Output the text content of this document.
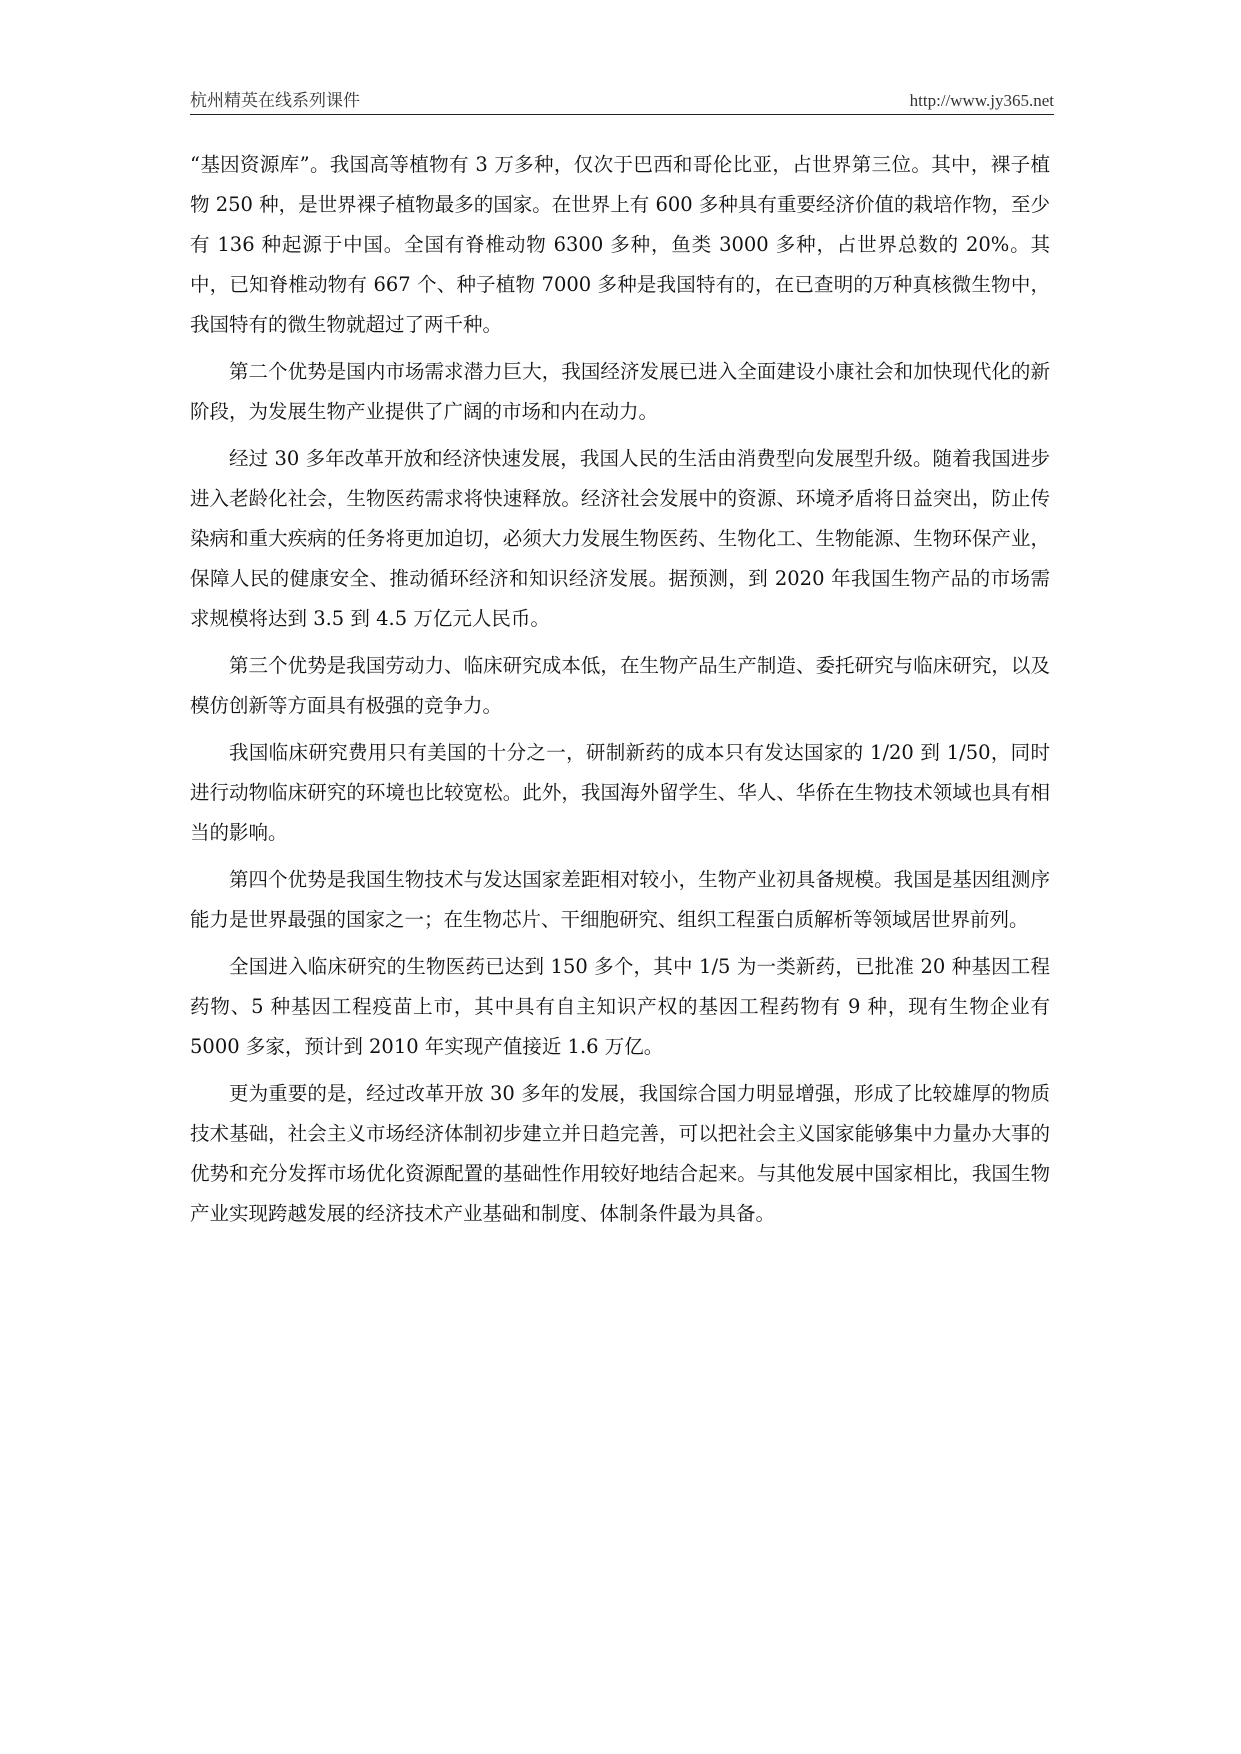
杭州精英在线系列课件	http://www.jy365.net

“基因资源库”。我国高等植物有 3 万多种，仅次于巴西和哥伦比亚，占世界第三位。其中，裸子植物 250 种，是世界裸子植物最多的国家。在世界上有 600 多种具有重要经济价值的栽培作物，至少有 136 种起源于中国。全国有脊椎动物 6300 多种，鱼类 3000 多种，占世界总数的 20%。其中，已知脊椎动物有 667 个、种子植物 7000 多种是我国特有的，在已查明的万种真核微生物中，我国特有的微生物就超过了两千种。

第二个优势是国内市场需求潜力巨大，我国经济发展已进入全面建设小康社会和加快现代化的新阶段，为发展生物产业提供了广阔的市场和内在动力。

经过 30 多年改革开放和经济快速发展，我国人民的生活由消费型向发展型升级。随着我国进步进入老龄化社会，生物医药需求将快速释放。经济社会发展中的资源、环境矛盾将日益突出，防止传染病和重大疾病的任务将更加迫切，必须大力发展生物医药、生物化工、生物能源、生物环保产业，保障人民的健康安全、推动循环经济和知识经济发展。据预测，到 2020 年我国生物产品的市场需求规模将达到 3.5 到 4.5 万亿元人民币。

第三个优势是我国劳动力、临床研究成本低，在生物产品生产制造、委托研究与临床研究，以及模仿创新等方面具有极强的竞争力。

我国临床研究费用只有美国的十分之一，研制新药的成本只有发达国家的 1/20 到 1/50，同时进行动物临床研究的环境也比较宽松。此外，我国海外留学生、华人、华侨在生物技术领域也具有相当的影响。

第四个优势是我国生物技术与发达国家差距相对较小，生物产业初具备规模。我国是基因组测序能力是世界最强的国家之一；在生物芯片、干细胞研究、组织工程蛋白质解析等领域居世界前列。

全国进入临床研究的生物医药已达到 150 多个，其中 1/5 为一类新药，已批准 20 种基因工程药物、5 种基因工程疫苗上市，其中具有自主知识产权的基因工程药物有 9 种，现有生物企业有 5000 多家，预计到 2010 年实现产值接近 1.6 万亿。

更为重要的是，经过改革开放 30 多年的发展，我国综合国力明显增强，形成了比较雄厚的物质技术基础，社会主义市场经济体制初步建立并日趋完善，可以把社会主义国家能够集中力量办大事的优势和充分发挥市场优化资源配置的基础性作用较好地结合起来。与其他发展中国家相比，我国生物产业实现跨越发展的经济技术产业基础和制度、体制条件最为具备。
